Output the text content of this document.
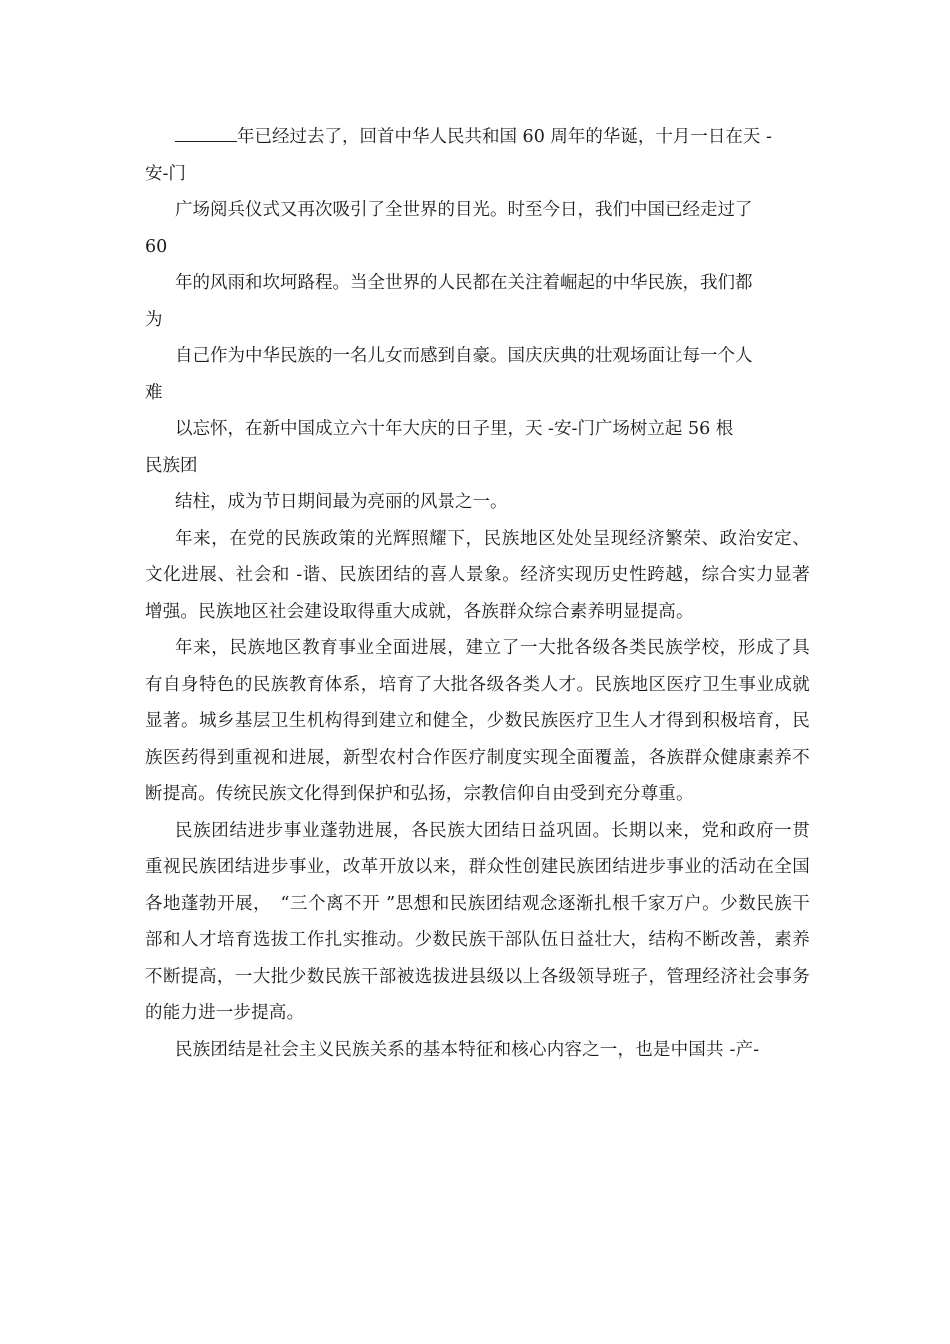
年已经过去了，回首中华人民共和国 60 周年的华诞，十月一日在天 -
安-门
广场阅兵仪式又再次吸引了全世界的目光。时至今日，我们中国已经走过了
60
年的风雨和坎坷路程。当全世界的人民都在关注着崛起的中华民族，我们都
为
自己作为中华民族的一名儿女而感到自豪。国庆庆典的壮观场面让每一个人
难
以忘怀，在新中国成立六十年大庆的日子里，天 -安-门广场树立起 56 根
民族团
结柱，成为节日期间最为亮丽的风景之一。

年来，在党的民族政策的光辉照耀下，民族地区处处呈现经济繁荣、政治安定、文化进展、社会和 -谐、民族团结的喜人景象。经济实现历史性跨越，综合实力显著增强。民族地区社会建设取得重大成就，各族群众综合素养明显提高。

年来，民族地区教育事业全面进展，建立了一大批各级各类民族学校，形成了具有自身特色的民族教育体系，培育了大批各级各类人才。民族地区医疗卫生事业成就显著。城乡基层卫生机构得到建立和健全，少数民族医疗卫生人才得到积极培育，民族医药得到重视和进展，新型农村合作医疗制度实现全面覆盖，各族群众健康素养不断提高。传统民族文化得到保护和弘扬，宗教信仰自由受到充分尊重。

民族团结进步事业蓬勃进展，各民族大团结日益巩固。长期以来，党和政府一贯重视民族团结进步事业，改革开放以来，群众性创建民族团结进步事业的活动在全国各地蓬勃开展，　“三个离不开 ”思想和民族团结观念逐渐扎根千家万户。少数民族干部和人才培育选拔工作扎实推动。少数民族干部队伍日益壮大，结构不断改善，素养不断提高，一大批少数民族干部被选拔进县级以上各级领导班子，管理经济社会事务的能力进一步提高。

民族团结是社会主义民族关系的基本特征和核心内容之一，也是中国共 -产-
